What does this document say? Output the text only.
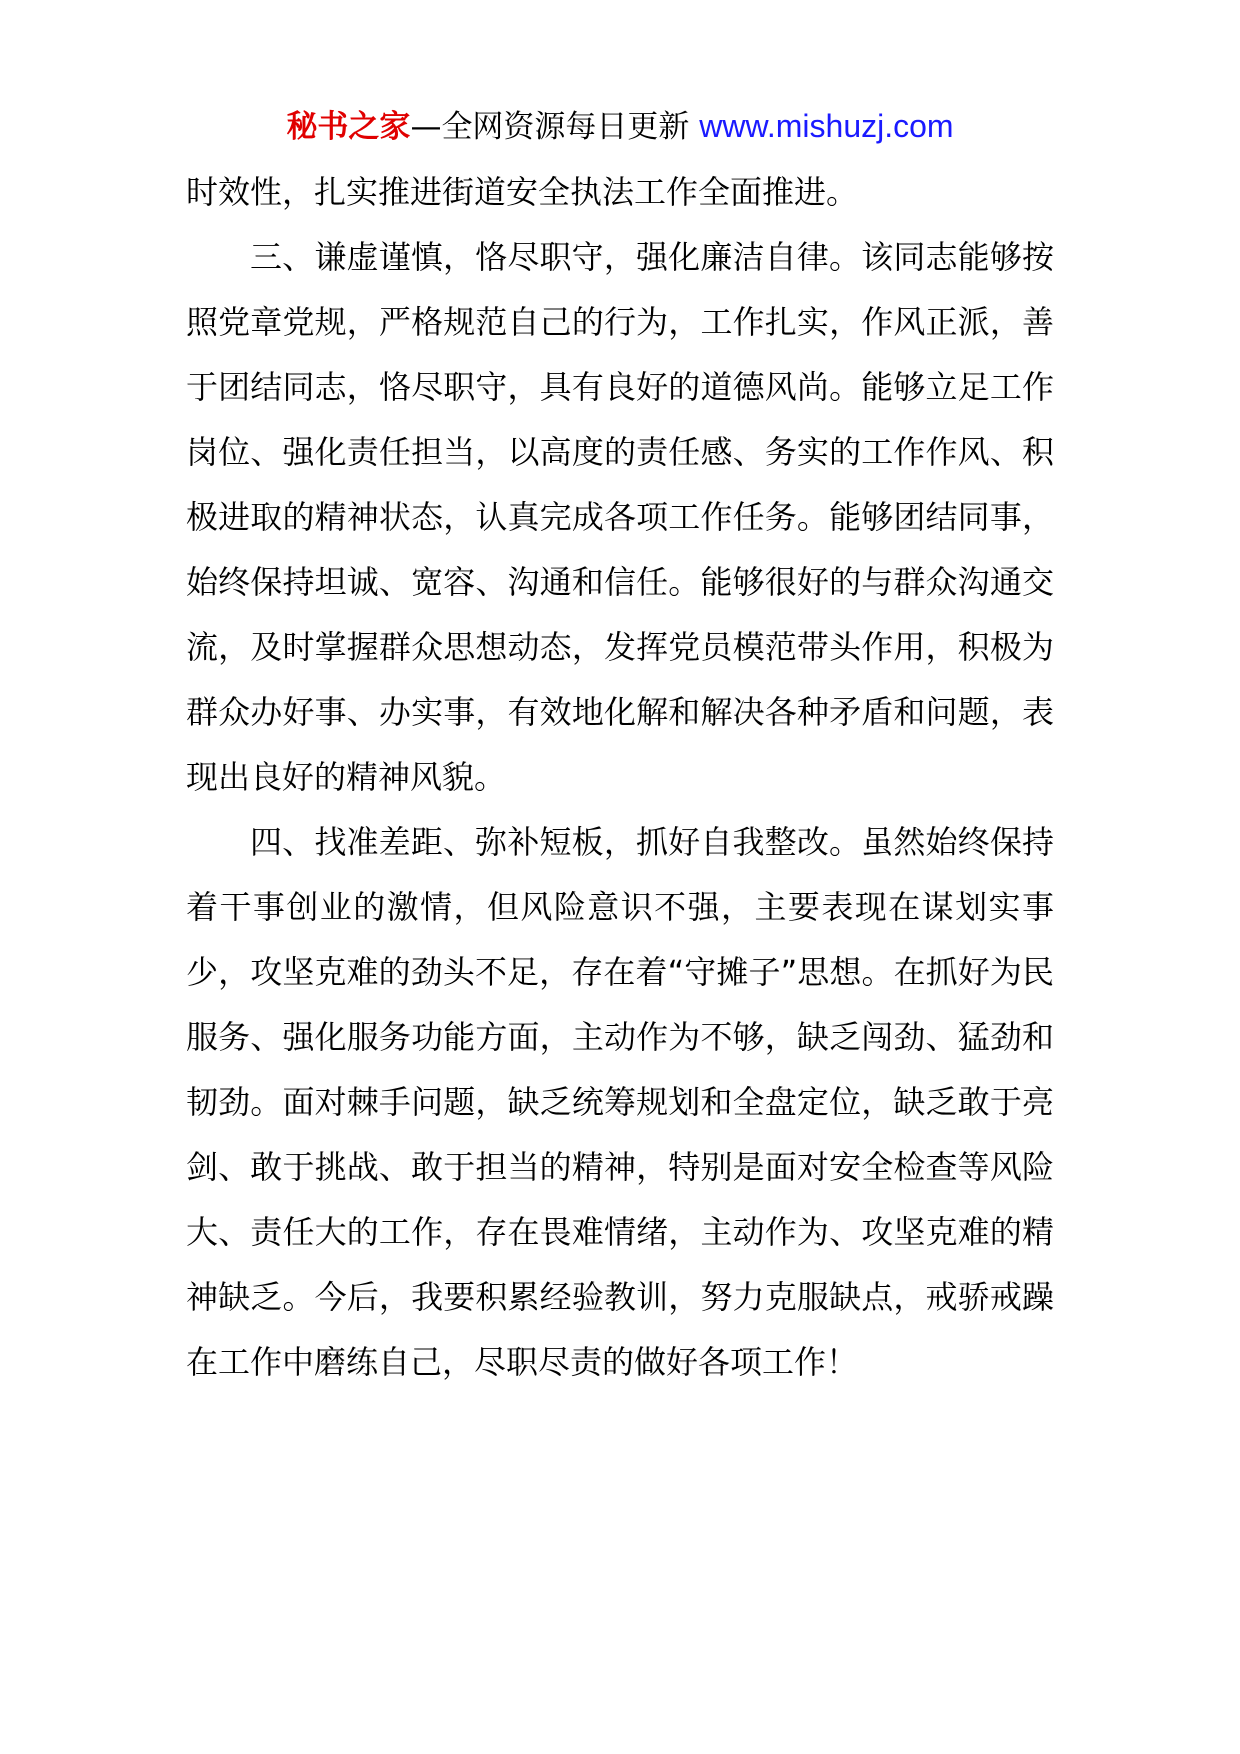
秘书之家—全网资源每日更新 www.mishuzj.com

时效性，扎实推进街道安全执法工作全面推进。

三、谦虚谨慎，恪尽职守，强化廉洁自律。该同志能够按照党章党规，严格规范自己的行为，工作扎实，作风正派，善于团结同志，恪尽职守，具有良好的道德风尚。能够立足工作岗位、强化责任担当，以高度的责任感、务实的工作作风、积极进取的精神状态，认真完成各项工作任务。能够团结同事，始终保持坦诚、宽容、沟通和信任。能够很好的与群众沟通交流，及时掌握群众思想动态，发挥党员模范带头作用，积极为群众办好事、办实事，有效地化解和解决各种矛盾和问题，表现出良好的精神风貌。

四、找准差距、弥补短板，抓好自我整改。虽然始终保持着干事创业的激情，但风险意识不强，主要表现在谋划实事少，攻坚克难的劲头不足，存在着“守摊子”思想。在抓好为民服务、强化服务功能方面，主动作为不够，缺乏闯劲、猛劲和韧劲。面对棘手问题，缺乏统筹规划和全盘定位，缺乏敢于亮剑、敢于挑战、敢于担当的精神，特别是面对安全检查等风险大、责任大的工作，存在畏难情绪，主动作为、攻坚克难的精神缺乏。今后，我要积累经验教训，努力克服缺点，戒骄戒躁在工作中磨练自己，尽职尽责的做好各项工作！
